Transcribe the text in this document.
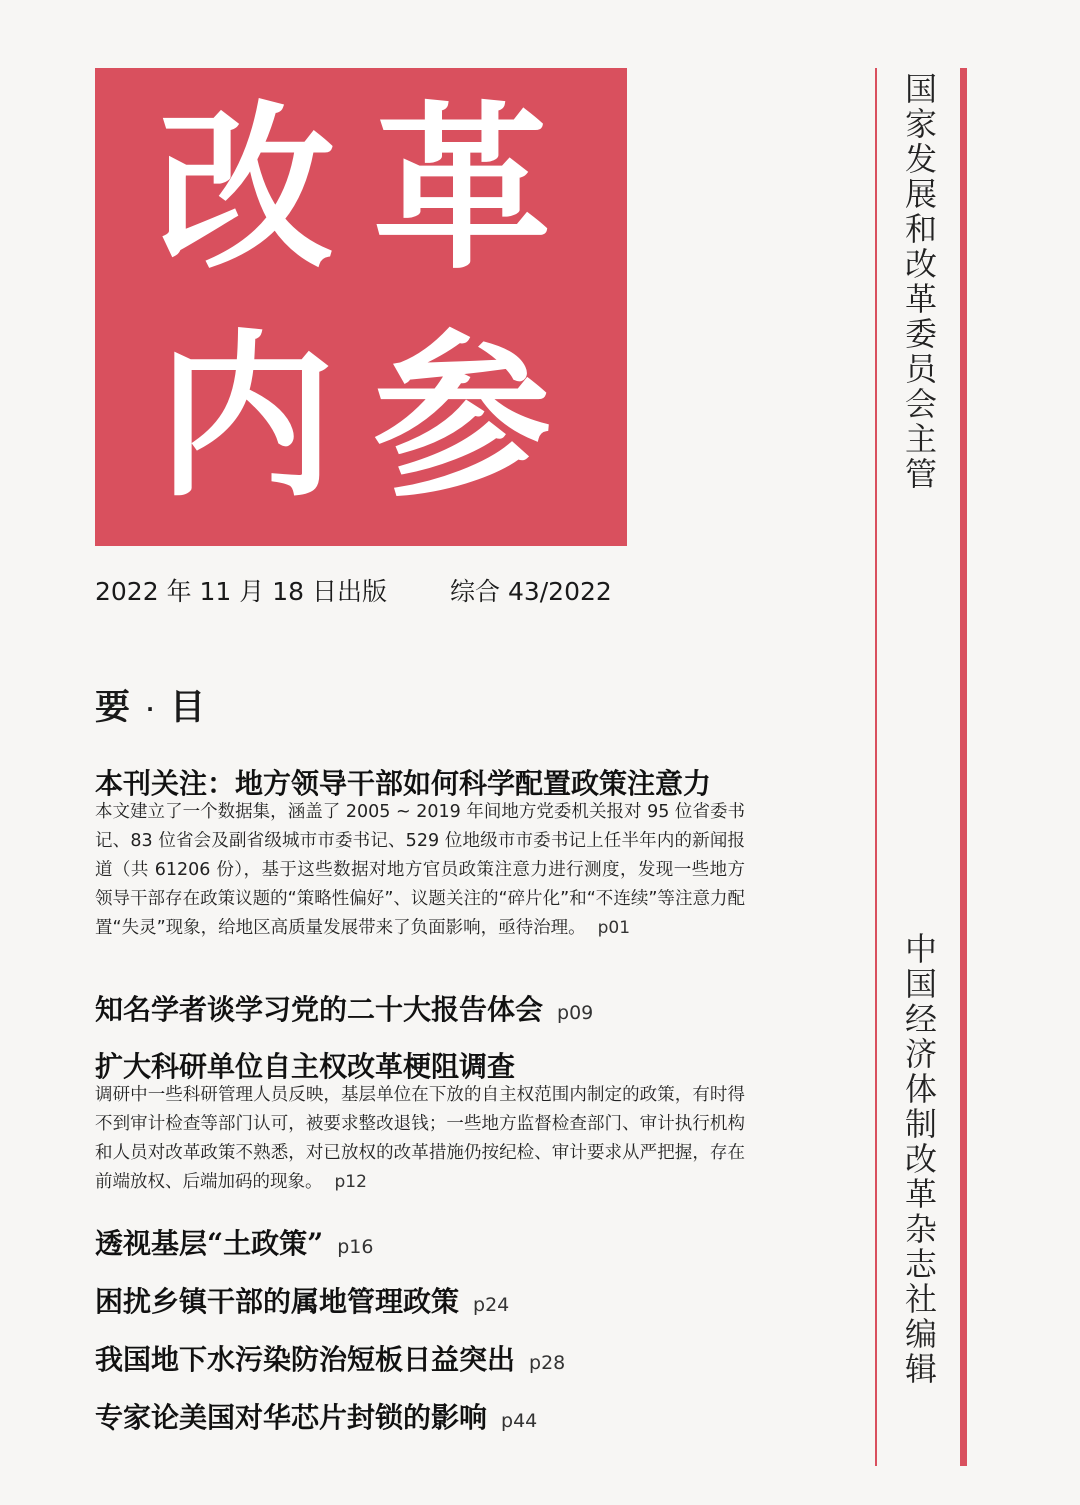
改 革
内 参
2022 年 11 月 18 日出版	综合 43/2022
要 · 目
本刊关注：地方领导干部如何科学配置政策注意力
本文建立了一个数据集，涵盖了 2005 ~ 2019 年间地方党委机关报对 95 位省委书记、83 位省会及副省级城市市委书记、529 位地级市市委书记上任半年内的新闻报道（共 61206 份），基于这些数据对地方官员政策注意力进行测度，发现一些地方领导干部存在政策议题的“策略性偏好”、议题关注的“碎片化”和“不连续”等注意力配置“失灵”现象，给地区高质量发展带来了负面影响，亟待治理。 p01
知名学者谈学习党的二十大报告体会 p09
扩大科研单位自主权改革梗阻调查
调研中一些科研管理人员反映，基层单位在下放的自主权范围内制定的政策，有时得不到审计检查等部门认可，被要求整改退钱；一些地方监督检查部门、审计执行机构和人员对改革政策不熟悉，对已放权的改革措施仍按纪检、审计要求从严把握，存在前端放权、后端加码的现象。 p12
透视基层“土政策” p16
困扰乡镇干部的属地管理政策 p24
我国地下水污染防治短板日益突出 p28
专家论美国对华芯片封锁的影响 p44
国家发展和改革委员会 主管
中国经济体制改革杂志社 编辑
